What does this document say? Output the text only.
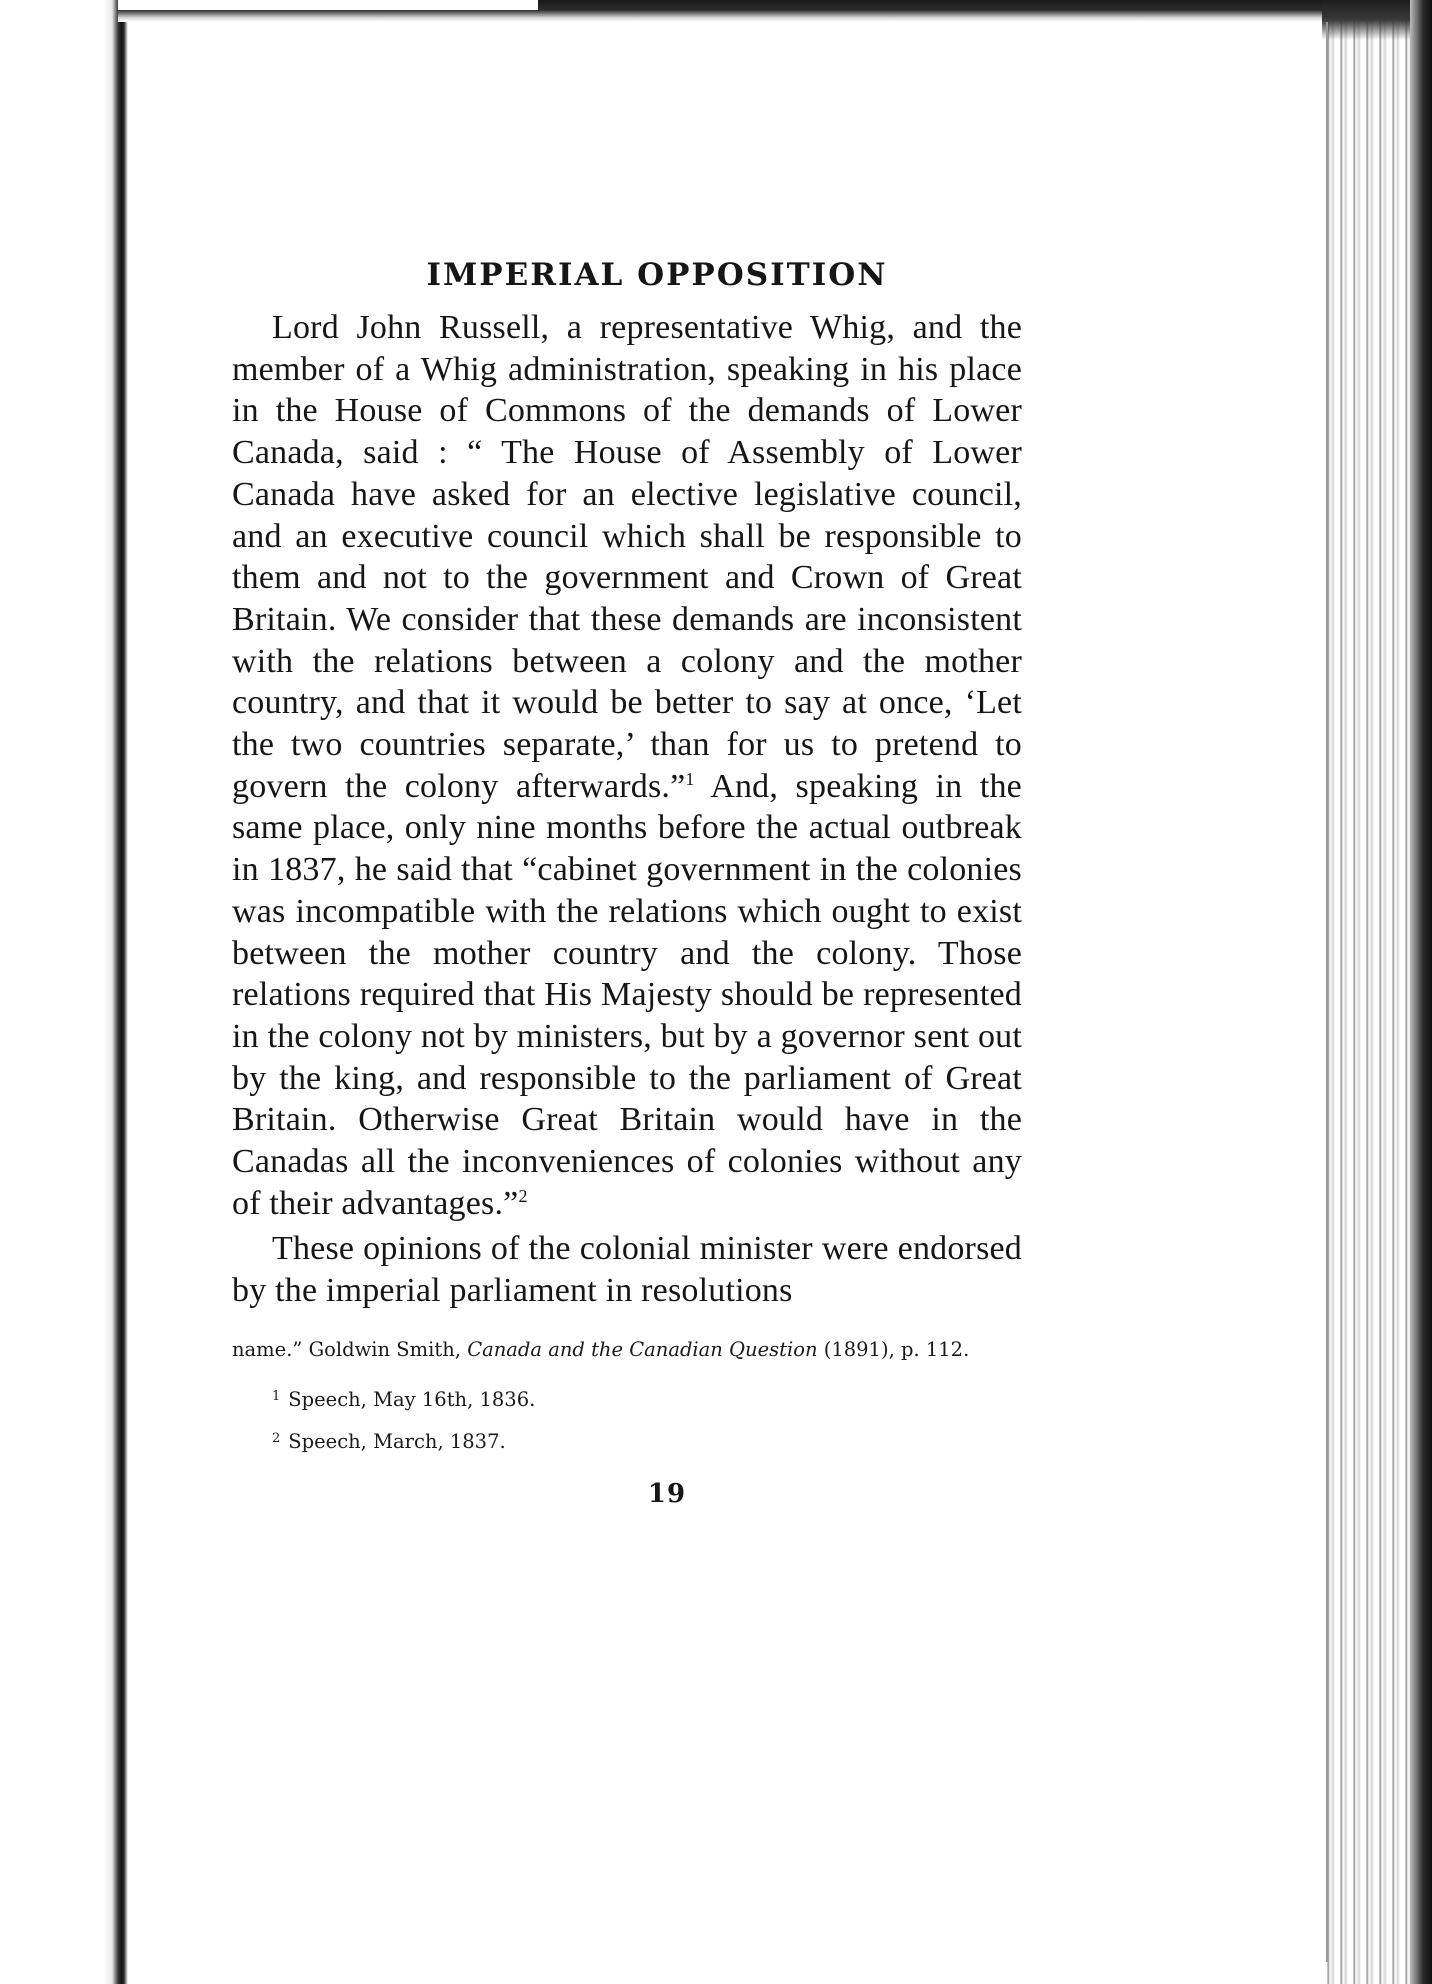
IMPERIAL OPPOSITION

Lord John Russell, a representative Whig, and the member of a Whig administration, speaking in his place in the House of Commons of the demands of Lower Canada, said : “ The House of Assembly of Lower Canada have asked for an elective legislative council, and an executive council which shall be responsible to them and not to the government and Crown of Great Britain. We consider that these demands are inconsistent with the relations between a colony and the mother country, and that it would be better to say at once, ‘Let the two countries separate,’ than for us to pretend to govern the colony afterwards.”$^1$ And, speaking in the same place, only nine months before the actual outbreak in 1837, he said that “cabinet government in the colonies was incompatible with the relations which ought to exist between the mother country and the colony. Those relations required that His Majesty should be represented in the colony not by ministers, but by a governor sent out by the king, and responsible to the parliament of Great Britain. Otherwise Great Britain would have in the Canadas all the inconveniences of colonies without any of their advantages.”$^2$

These opinions of the colonial minister were endorsed by the imperial parliament in resolutions

name.” Goldwin Smith, Canada and the Canadian Question (1891), p. 112.

$^1$ Speech, May 16th, 1836.

$^2$ Speech, March, 1837.

19
